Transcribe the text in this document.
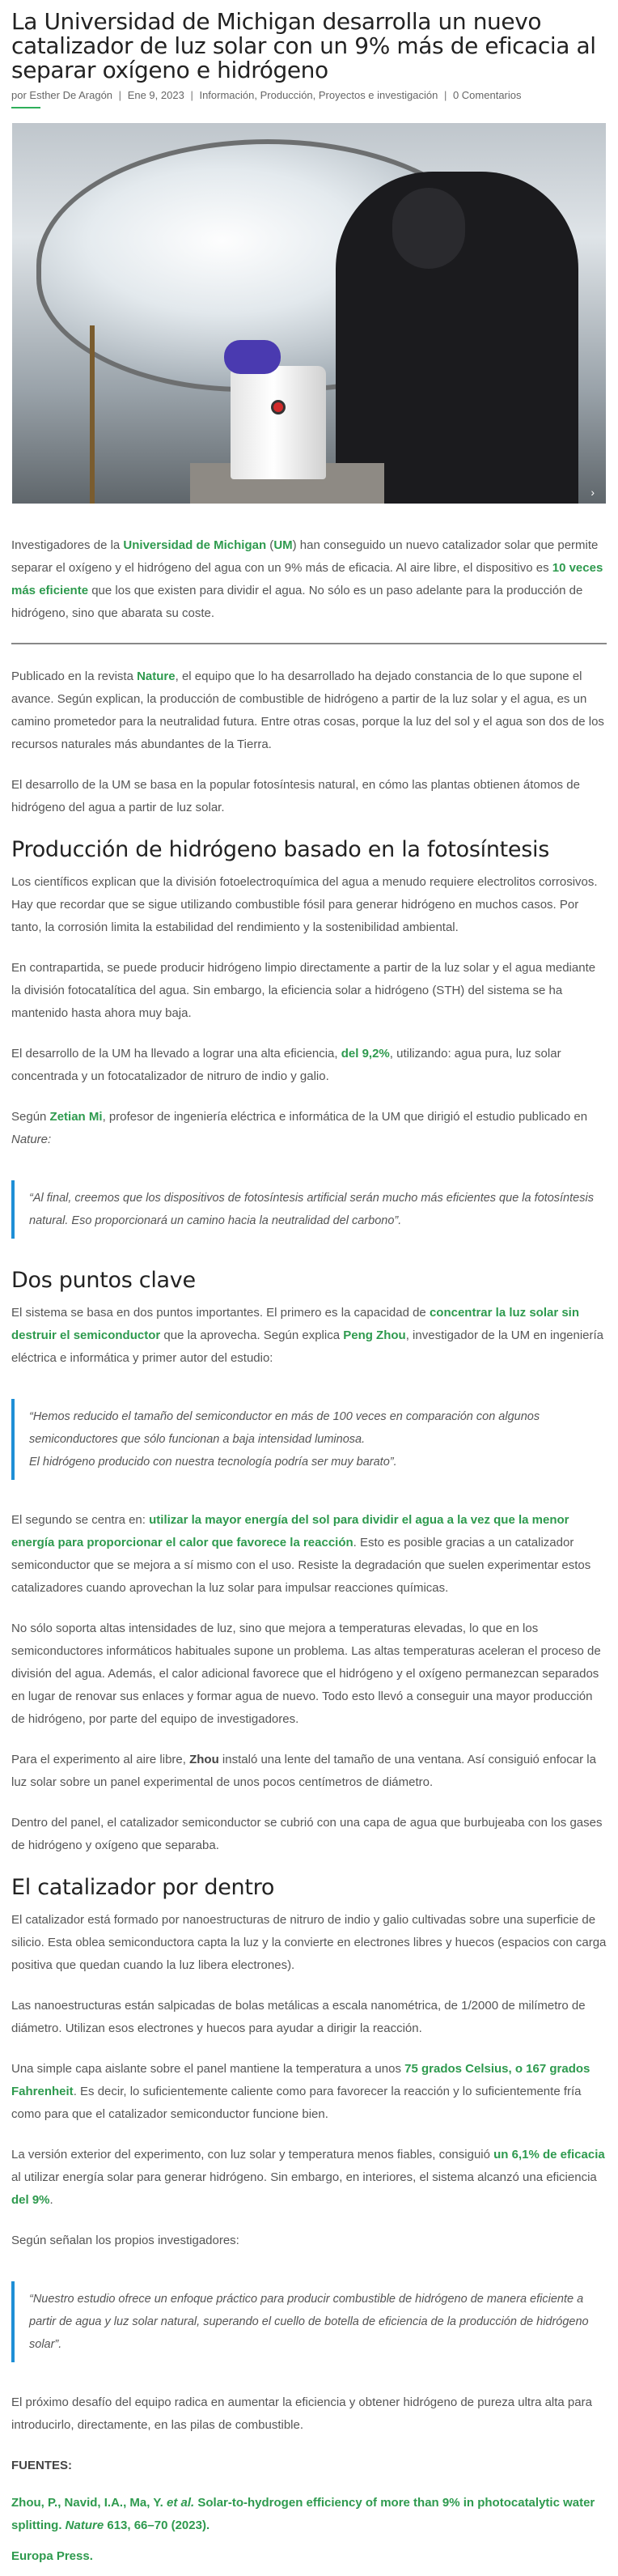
La Universidad de Michigan desarrolla un nuevo catalizador de luz solar con un 9% más de eficacia al separar oxígeno e hidrógeno

por Esther De Aragón | Ene 9, 2023 | Información, Producción, Proyectos e investigación | 0 Comentarios

›

Investigadores de la Universidad de Michigan (UM) han conseguido un nuevo catalizador solar que permite separar el oxígeno y el hidrógeno del agua con un 9% más de eficacia. Al aire libre, el dispositivo es 10 veces más eficiente que los que existen para dividir el agua. No sólo es un paso adelante para la producción de hidrógeno, sino que abarata su coste.

Publicado en la revista Nature, el equipo que lo ha desarrollado ha dejado constancia de lo que supone el avance. Según explican, la producción de combustible de hidrógeno a partir de la luz solar y el agua, es un camino prometedor para la neutralidad futura. Entre otras cosas, porque la luz del sol y el agua son dos de los recursos naturales más abundantes de la Tierra.

El desarrollo de la UM se basa en la popular fotosíntesis natural, en cómo las plantas obtienen átomos de hidrógeno del agua a partir de luz solar.

Producción de hidrógeno basado en la fotosíntesis

Los científicos explican que la división fotoelectroquímica del agua a menudo requiere electrolitos corrosivos. Hay que recordar que se sigue utilizando combustible fósil para generar hidrógeno en muchos casos. Por tanto, la corrosión limita la estabilidad del rendimiento y la sostenibilidad ambiental.

En contrapartida, se puede producir hidrógeno limpio directamente a partir de la luz solar y el agua mediante la división fotocatalítica del agua. Sin embargo, la eficiencia solar a hidrógeno (STH) del sistema se ha mantenido hasta ahora muy baja.

El desarrollo de la UM ha llevado a lograr una alta eficiencia, del 9,2%, utilizando: agua pura, luz solar concentrada y un fotocatalizador de nitruro de indio y galio.

Según Zetian Mi, profesor de ingeniería eléctrica e informática de la UM que dirigió el estudio publicado en Nature:

“Al final, creemos que los dispositivos de fotosíntesis artificial serán mucho más eficientes que la fotosíntesis natural. Eso proporcionará un camino hacia la neutralidad del carbono”.
Dos puntos clave

El sistema se basa en dos puntos importantes. El primero es la capacidad de concentrar la luz solar sin destruir el semiconductor que la aprovecha. Según explica Peng Zhou, investigador de la UM en ingeniería eléctrica e informática y primer autor del estudio:

“Hemos reducido el tamaño del semiconductor en más de 100 veces en comparación con algunos semiconductores que sólo funcionan a baja intensidad luminosa.
El hidrógeno producido con nuestra tecnología podría ser muy barato”.

El segundo se centra en: utilizar la mayor energía del sol para dividir el agua a la vez que la menor energía para proporcionar el calor que favorece la reacción. Esto es posible gracias a un catalizador semiconductor que se mejora a sí mismo con el uso. Resiste la degradación que suelen experimentar estos catalizadores cuando aprovechan la luz solar para impulsar reacciones químicas.

No sólo soporta altas intensidades de luz, sino que mejora a temperaturas elevadas, lo que en los semiconductores informáticos habituales supone un problema. Las altas temperaturas aceleran el proceso de división del agua. Además, el calor adicional favorece que el hidrógeno y el oxígeno permanezcan separados en lugar de renovar sus enlaces y formar agua de nuevo. Todo esto llevó a conseguir una mayor producción de hidrógeno, por parte del equipo de investigadores.

Para el experimento al aire libre, Zhou instaló una lente del tamaño de una ventana. Así consiguió enfocar la luz solar sobre un panel experimental de unos pocos centímetros de diámetro.

Dentro del panel, el catalizador semiconductor se cubrió con una capa de agua que burbujeaba con los gases de hidrógeno y oxígeno que separaba.

El catalizador por dentro

El catalizador está formado por nanoestructuras de nitruro de indio y galio cultivadas sobre una superficie de silicio. Esta oblea semiconductora capta la luz y la convierte en electrones libres y huecos (espacios con carga positiva que quedan cuando la luz libera electrones).

Las nanoestructuras están salpicadas de bolas metálicas a escala nanométrica, de 1/2000 de milímetro de diámetro. Utilizan esos electrones y huecos para ayudar a dirigir la reacción.

Una simple capa aislante sobre el panel mantiene la temperatura a unos 75 grados Celsius, o 167 grados Fahrenheit. Es decir, lo suficientemente caliente como para favorecer la reacción y lo suficientemente fría como para que el catalizador semiconductor funcione bien.

La versión exterior del experimento, con luz solar y temperatura menos fiables, consiguió un 6,1% de eficacia al utilizar energía solar para generar hidrógeno. Sin embargo, en interiores, el sistema alcanzó una eficiencia del 9%.

Según señalan los propios investigadores:

“Nuestro estudio ofrece un enfoque práctico para producir combustible de hidrógeno de manera eficiente a partir de agua y luz solar natural, superando el cuello de botella de eficiencia de la producción de hidrógeno solar”.

El próximo desafío del equipo radica en aumentar la eficiencia y obtener hidrógeno de pureza ultra alta para introducirlo, directamente, en las pilas de combustible.

FUENTES:

Zhou, P., Navid, I.A., Ma, Y. et al. Solar-to-hydrogen efficiency of more than 9% in photocatalytic water splitting. Nature 613, 66–70 (2023).

Europa Press.
